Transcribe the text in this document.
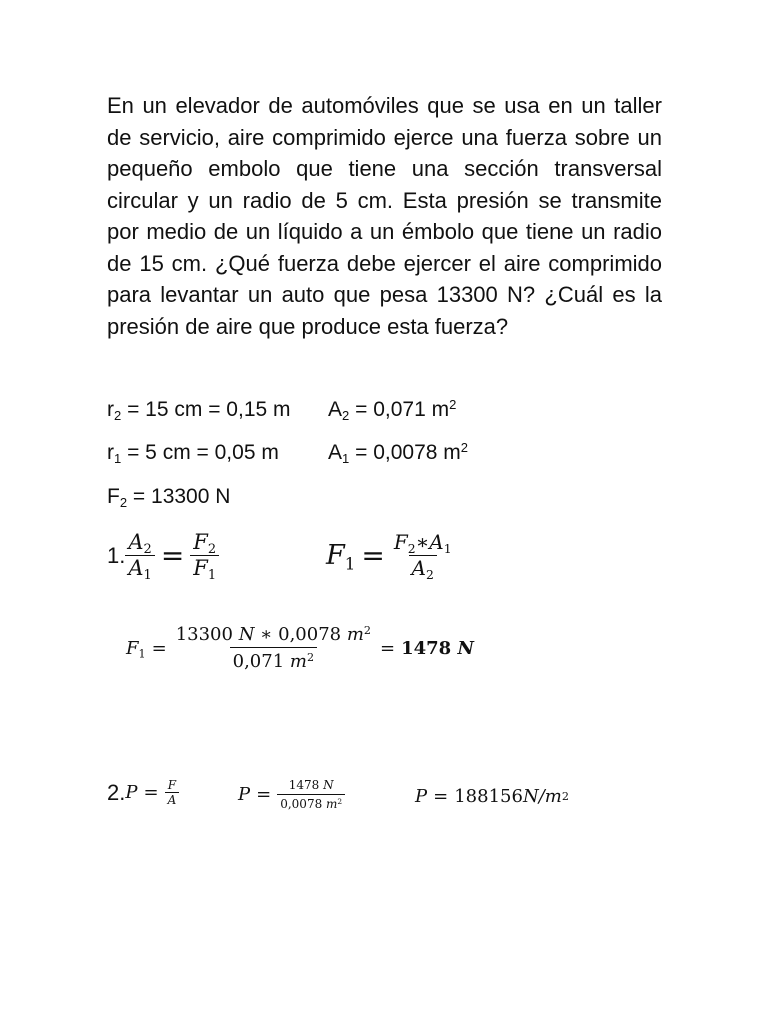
En un elevador de automóviles que se usa en un taller de servicio, aire comprimido ejerce una fuerza sobre un pequeño embolo que tiene una sección transversal circular y un radio de 5 cm. Esta presión se transmite por medio de un líquido a un émbolo que tiene un radio de 15 cm. ¿Qué fuerza debe ejercer el aire comprimido para levantar un auto que pesa 13300 N? ¿Cuál es la presión de aire que produce esta fuerza?

$r_2 = 15$ cm = 0,15 m $A_2 = 0,071$ $m^2$
$r_1 = 5$ cm = 0,05 m $A_1 = 0,0078$ $m^2$
$F_2 = 13300$ N
1. $\frac{A_2}{A_1} = \frac{F_2}{F_1}$	$F_1 = \frac{F_2∗A_1}{A_2}$
$F_1 = \frac{13300 N ∗ 0,0078 m^2}{0,071 m^2} = 1478$ N
2. $P = \frac{F}{A}$	$P = \frac{1478 N}{0,0078 m^2}$	P = 188156 N/m 2
